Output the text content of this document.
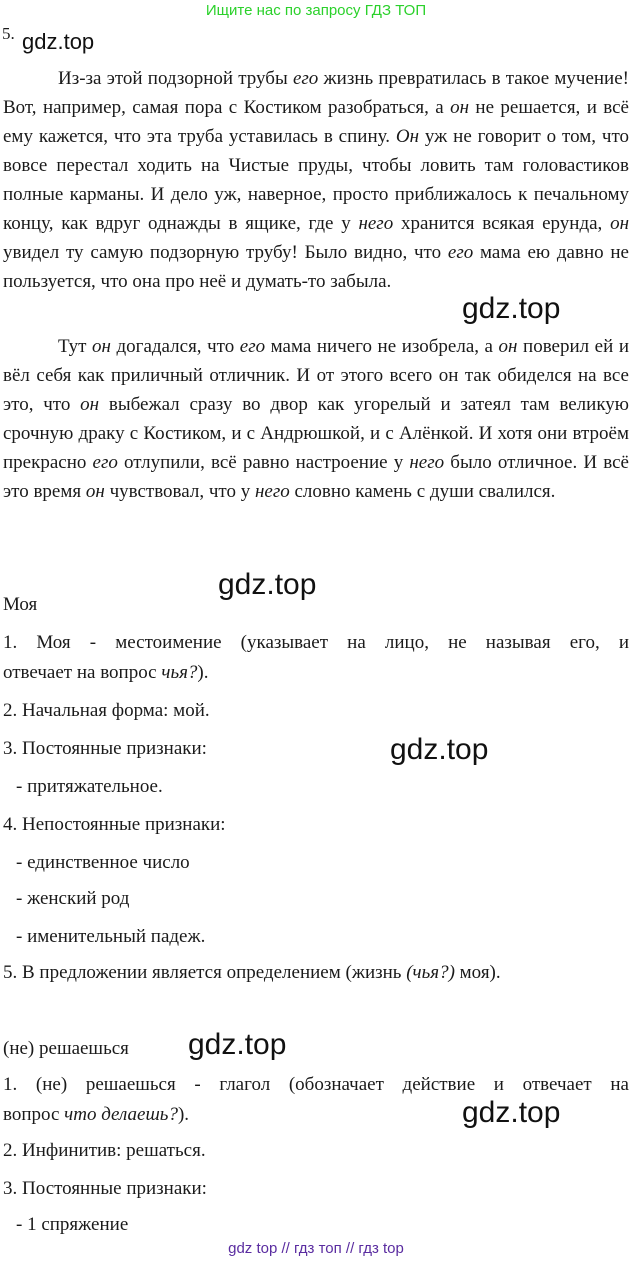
Ищите нас по запросу ГДЗ ТОП
5. gdz.top
Из-за этой подзорной трубы его жизнь превратилась в такое мучение! Вот, например, самая пора с Костиком разобраться, а он не решается, и всё ему кажется, что эта труба уставилась в спину. Он уж не говорит о том, что вовсе перестал ходить на Чистые пруды, чтобы ловить там головастиков полные карманы. И дело уж, наверное, просто приближалось к печальному концу, как вдруг однажды в ящике, где у него хранится всякая ерунда, он увидел ту самую подзорную трубу! Было видно, что его мама ею давно не пользуется, что она про неё и думать-то забыла.
gdz.top
Тут он догадался, что его мама ничего не изобрела, а он поверил ей и вёл себя как приличный отличник. И от этого всего он так обиделся на все это, что он выбежал сразу во двор как угорелый и затеял там великую срочную драку с Костиком, и с Андрюшкой, и с Алёнкой. И хотя они втроём прекрасно его отлупили, всё равно настроение у него было отличное. И всё это время он чувствовал, что у него словно камень с души свалился.
gdz.top
Моя
1. Моя - местоимение (указывает на лицо, не называя его, и
отвечает на вопрос чья?).
2. Начальная форма: мой.
3. Постоянные признаки:	gdz.top
- притяжательное.
4. Непостоянные признаки:
- единственное число
- женский род
- именительный падеж.
5. В предложении является определением (жизнь (чья?) моя).
(не) решаешься gdz.top
1. (не) решаешься - глагол (обозначает действие и отвечает на
вопрос что делаешь?).	gdz.top
2. Инфинитив: решаться.
3. Постоянные признаки:
- 1 спряжение
gdz top // гдз топ // гдз top
